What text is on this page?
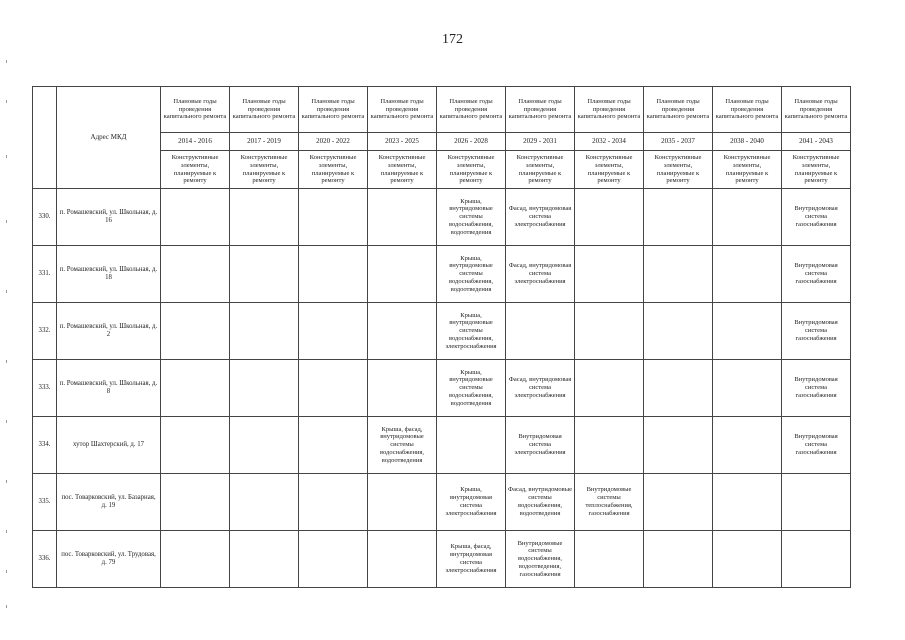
172
	Адрес МКД	Плановые годы проведения капитального ремонта	Плановые годы проведения капитального ремонта	Плановые годы проведения капитального ремонта	Плановые годы проведения капитального ремонта	Плановые годы проведения капитального ремонта	Плановые годы проведения капитального ремонта	Плановые годы проведения капитального ремонта	Плановые годы проведения капитального ремонта	Плановые годы проведения капитального ремонта	Плановые годы проведения капитального ремонта
		2014 - 2016	2017 - 2019	2020 - 2022	2023 - 2025	2026 - 2028	2029 - 2031	2032 - 2034	2035 - 2037	2038 - 2040	2041 - 2043
		Конструктивные элементы, планируемые к ремонту	Конструктивные элементы, планируемые к ремонту	Конструктивные элементы, планируемые к ремонту	Конструктивные элементы, планируемые к ремонту	Конструктивные элементы, планируемые к ремонту	Конструктивные элементы, планируемые к ремонту	Конструктивные элементы, планируемые к ремонту	Конструктивные элементы, планируемые к ремонту	Конструктивные элементы, планируемые к ремонту	Конструктивные элементы, планируемые к ремонту
330.	п. Ромашевский, ул. Школьная, д. 16					Крыша, внутридомовые системы водоснабжения, водоотведения	Фасад, внутридомовая система электроснабжения				Внутридомовая система газоснабжения
331.	п. Ромашевский, ул. Школьная, д. 18					Крыша, внутридомовые системы водоснабжения, водоотведения	Фасад, внутридомовая система электроснабжения				Внутридомовая система газоснабжения
332.	п. Ромашевский, ул. Школьная, д. 2					Крыша, внутридомовые системы водоснабжения, электроснабжения					Внутридомовая система газоснабжения
333.	п. Ромашевский, ул. Школьная, д. 8					Крыша, внутридомовые системы водоснабжения, водоотведения	Фасад, внутридомовая система электроснабжения				Внутридомовая система газоснабжения
334.	хутор Шахтерский, д. 17				Крыша, фасад, внутридомовые системы водоснабжения, водоотведения		Внутридомовая система электроснабжения				Внутридомовая система газоснабжения
335.	пос. Товарковский, ул. Базарная, д. 19					Крыша, внутридомовая система электроснабжения	Фасад, внутридомовые системы водоснабжения, водоотведения	Внутридомовые системы теплоснабжения, газоснабжения			
336.	пос. Товарковский, ул. Трудовая, д. 79					Крыша, фасад, внутридомовая система электроснабжения	Внутридомовые системы водоснабжения, водоотведения, газоснабжения				
